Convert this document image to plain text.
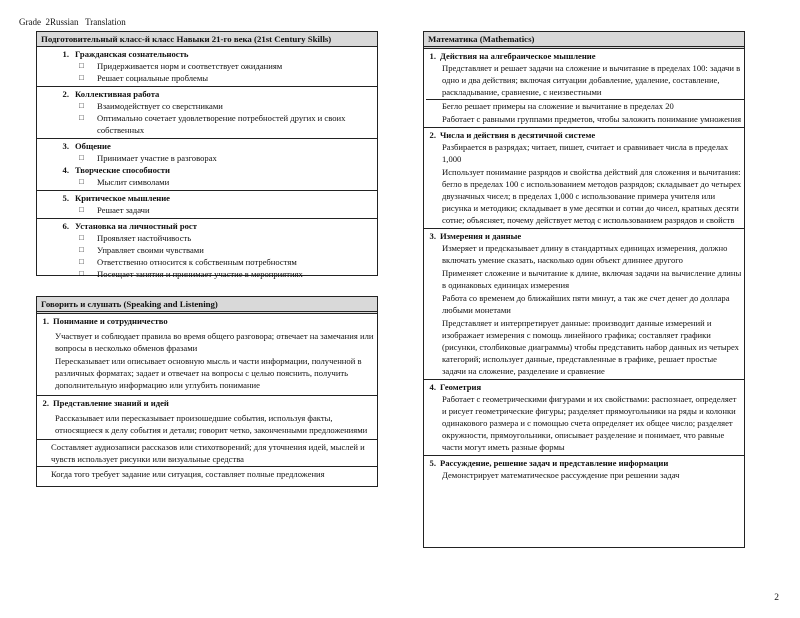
Grade 2Russian Translation
Подготовительный класс-й класс Навыки 21-го века (21st Century Skills)
1. Гражданская сознательность
□	Придерживается норм и соответствует ожиданиям
□	Решает социальные проблемы
2. Коллективная работа
□	Взаимодействует со сверстниками
□	Оптимально сочетает удовлетворение потребностей других и своих собственных
3. Общение
□	Принимает участие в разговорах
4. Творческие способности
□	Мыслит символами
5. Критическое мышление
□	Решает задачи
6. Установка на личностный рост
□	Проявляет настойчивость
□	Управляет своими чувствами
□	Ответственно относится к собственным потребностям
□	Посещает занятия и принимает участие в мероприятиях
Говорить и слушать (Speaking and Listening)
1. Понимание и сотрудничество
Участвует и соблюдает правила во время общего разговора; отвечает на замечания или вопросы в несколько обменов фразами
Пересказывает или описывает основную мысль и части информации, полученной в различных форматах; задает и отвечает на вопросы с целью пояснить, получить дополнительную информацию или углубить понимание
2. Представление знаний и идей
Рассказывает или пересказывает произошедшие события, используя факты, относящиеся к делу события и детали; говорит четко, законченными предложениями
Составляет аудиозаписи рассказов или стихотворений; для уточнения идей, мыслей и чувств использует рисунки или визуальные средства
Когда того требует задание или ситуация, составляет полные предложения
Математика (Mathematics)
1. Действия на алгебраическое мышление
Представляет и решает задачи на сложение и вычитание в пределах 100: задачи в одно и два действия; включая ситуации добавление, удаление, составление, раскладывание, сравнение, с неизвестными
Бегло решает примеры на сложение и вычитание в пределах 20
Работает с равными группами предметов, чтобы заложить понимание умножения
2. Числа и действия в десятичной системе
Разбирается в разрядах; читает, пишет, считает и сравнивает числа в пределах 1,000
Использует понимание разрядов и свойства действий для сложения и вычитания: бегло в пределах 100 с использованием методов разрядов; складывает до четырех двузначных чисел; в пределах 1,000 с использование примера учителя или рисунка и методики; складывает в уме десятки и сотни до чисел, кратных десяти сотне; объясняет, почему действует метод с использованием разрядов и свойств
3. Измерения и данные
Измеряет и предсказывает длину в стандартных единицах измерения, должно включать умение сказать, насколько один объект длиннее другого
Применяет сложение и вычитание к длине, включая задачи на вычисление длины в одинаковых единицах измерения
Работа со временем до ближайших пяти минут, а так же счет денег до доллара любыми монетами
Представляет и интерпретирует данные: производит данные измерений и изображает измерения с помощь линейного графика; составляет графики (рисунки, столбиковые диаграммы) чтобы представить набор данных из четырех категорий; использует данные, представленные в графике, решает простые задачи на сложение, разделение и сравнение
4. Геометрия
Работает с геометрическими фигурами и их свойствами: распознает, определяет и рисует геометрические фигуры; разделяет прямоугольники на ряды и колонки одинакового размера и с помощью счета определяет их общее число; разделяет окружности, прямоугольники, описывает разделение и понимает, что равные части могут иметь разные формы
5. Рассуждение, решение задач и представление информации
Демонстрирует математическое рассуждение при решении задач
2
